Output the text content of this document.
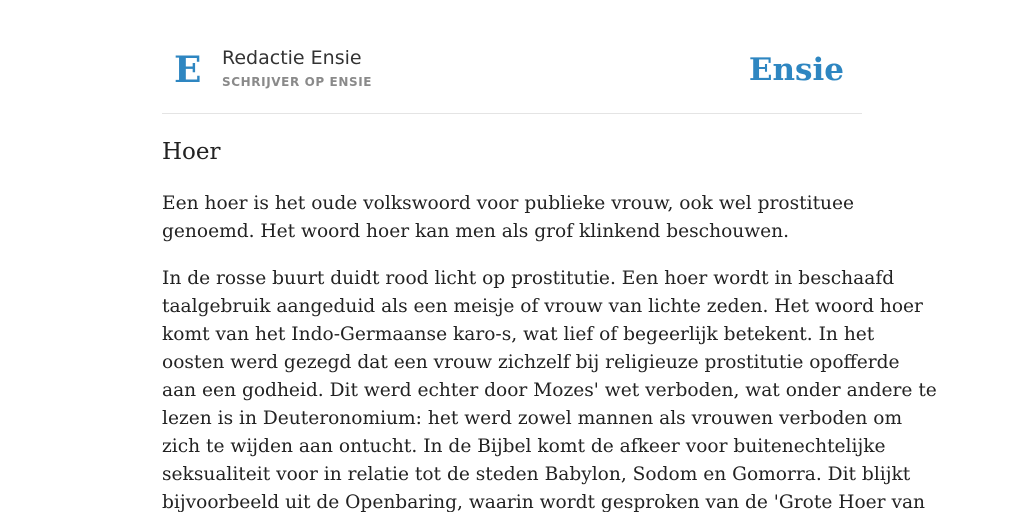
E Redactie Ensie
SCHRIJVER OP ENSIE	Ensie
Hoer

Een hoer is het oude volkswoord voor publieke vrouw, ook wel prostituee
genoemd. Het woord hoer kan men als grof klinkend beschouwen.

In de rosse buurt duidt rood licht op prostitutie. Een hoer wordt in beschaafd
taalgebruik aangeduid als een meisje of vrouw van lichte zeden. Het woord hoer
komt van het Indo-Germaanse karo-s, wat lief of begeerlijk betekent. In het
oosten werd gezegd dat een vrouw zichzelf bij religieuze prostitutie opofferde
aan een godheid. Dit werd echter door Mozes' wet verboden, wat onder andere te
lezen is in Deuteronomium: het werd zowel mannen als vrouwen verboden om
zich te wijden aan ontucht. In de Bijbel komt de afkeer voor buitenechtelijke
seksualiteit voor in relatie tot de steden Babylon, Sodom en Gomorra. Dit blijkt
bijvoorbeeld uit de Openbaring, waarin wordt gesproken van de 'Grote Hoer van
